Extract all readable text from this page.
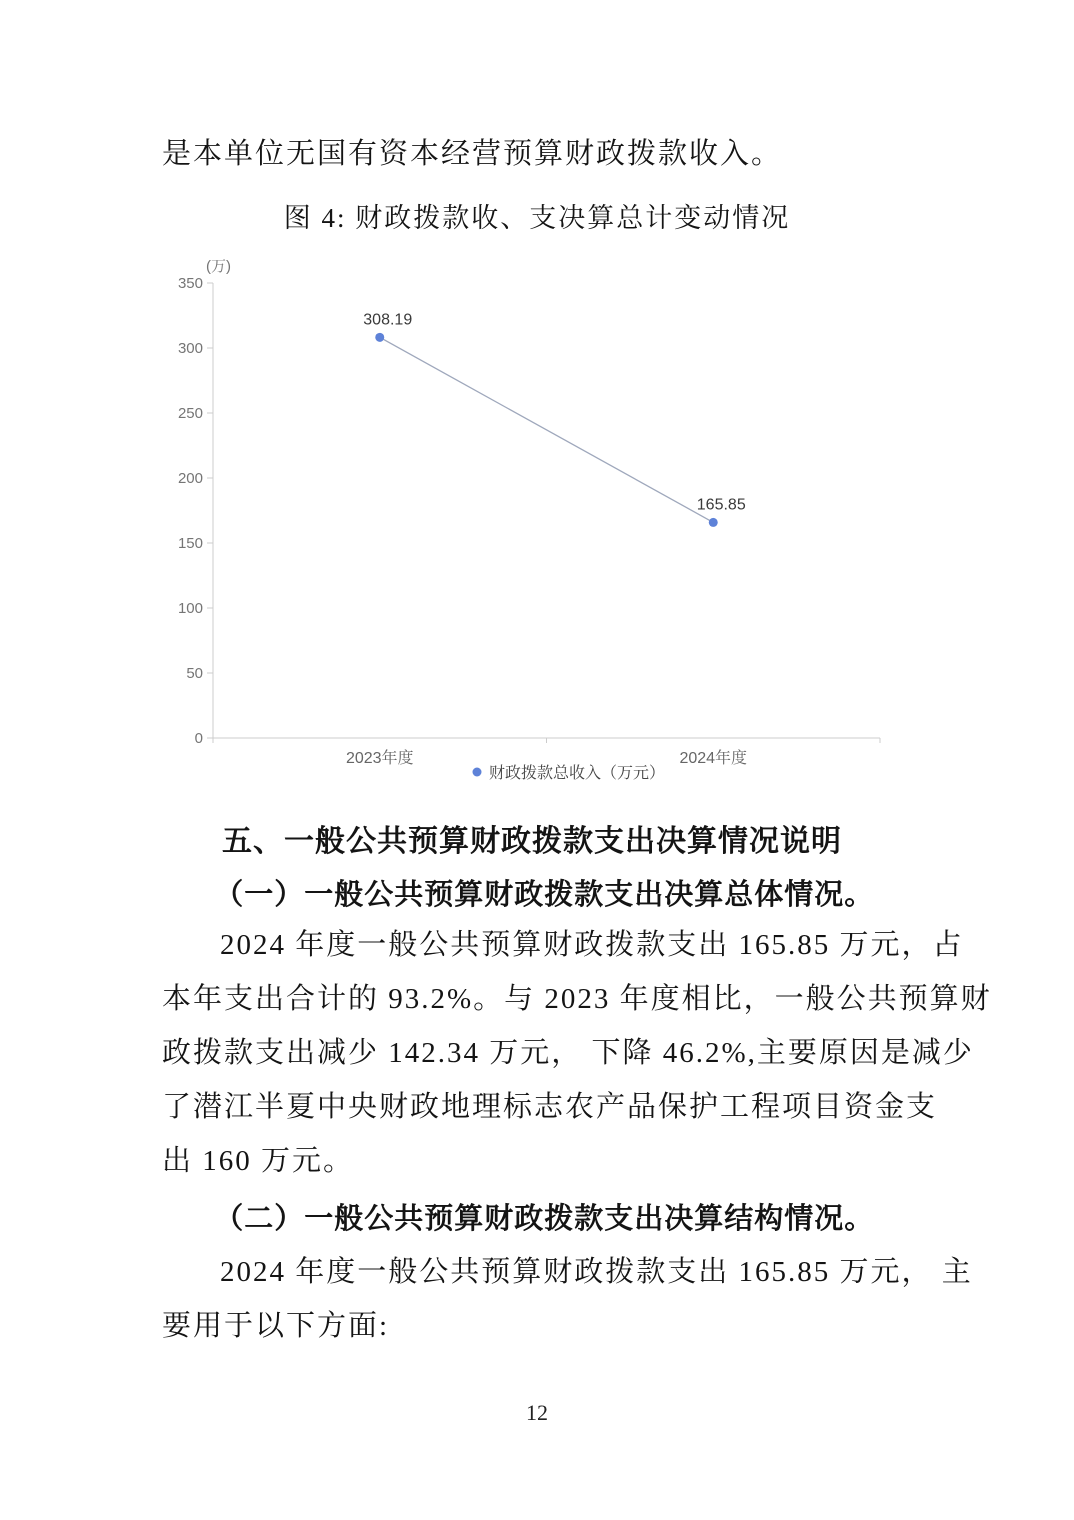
是本单位无国有资本经营预算财政拨款收入。
图 4: 财政拨款收、支决算总计变动情况
0
50
100
150
200
250
300
350
(万)
2023年度	2024年度
308.19
165.85
财政拨款总收入（万元）
五、一般公共预算财政拨款支出决算情况说明
（一）一般公共预算财政拨款支出决算总体情况。
2024 年度一般公共预算财政拨款支出 165.85 万元，占
本年支出合计的 93.2%。与 2023 年度相比，一般公共预算财
政拨款支出减少 142.34 万元， 下降 46.2%,主要原因是减少
了潜江半夏中央财政地理标志农产品保护工程项目资金支
出 160 万元。
（二）一般公共预算财政拨款支出决算结构情况。
2024 年度一般公共预算财政拨款支出 165.85 万元， 主
要用于以下方面:
12
